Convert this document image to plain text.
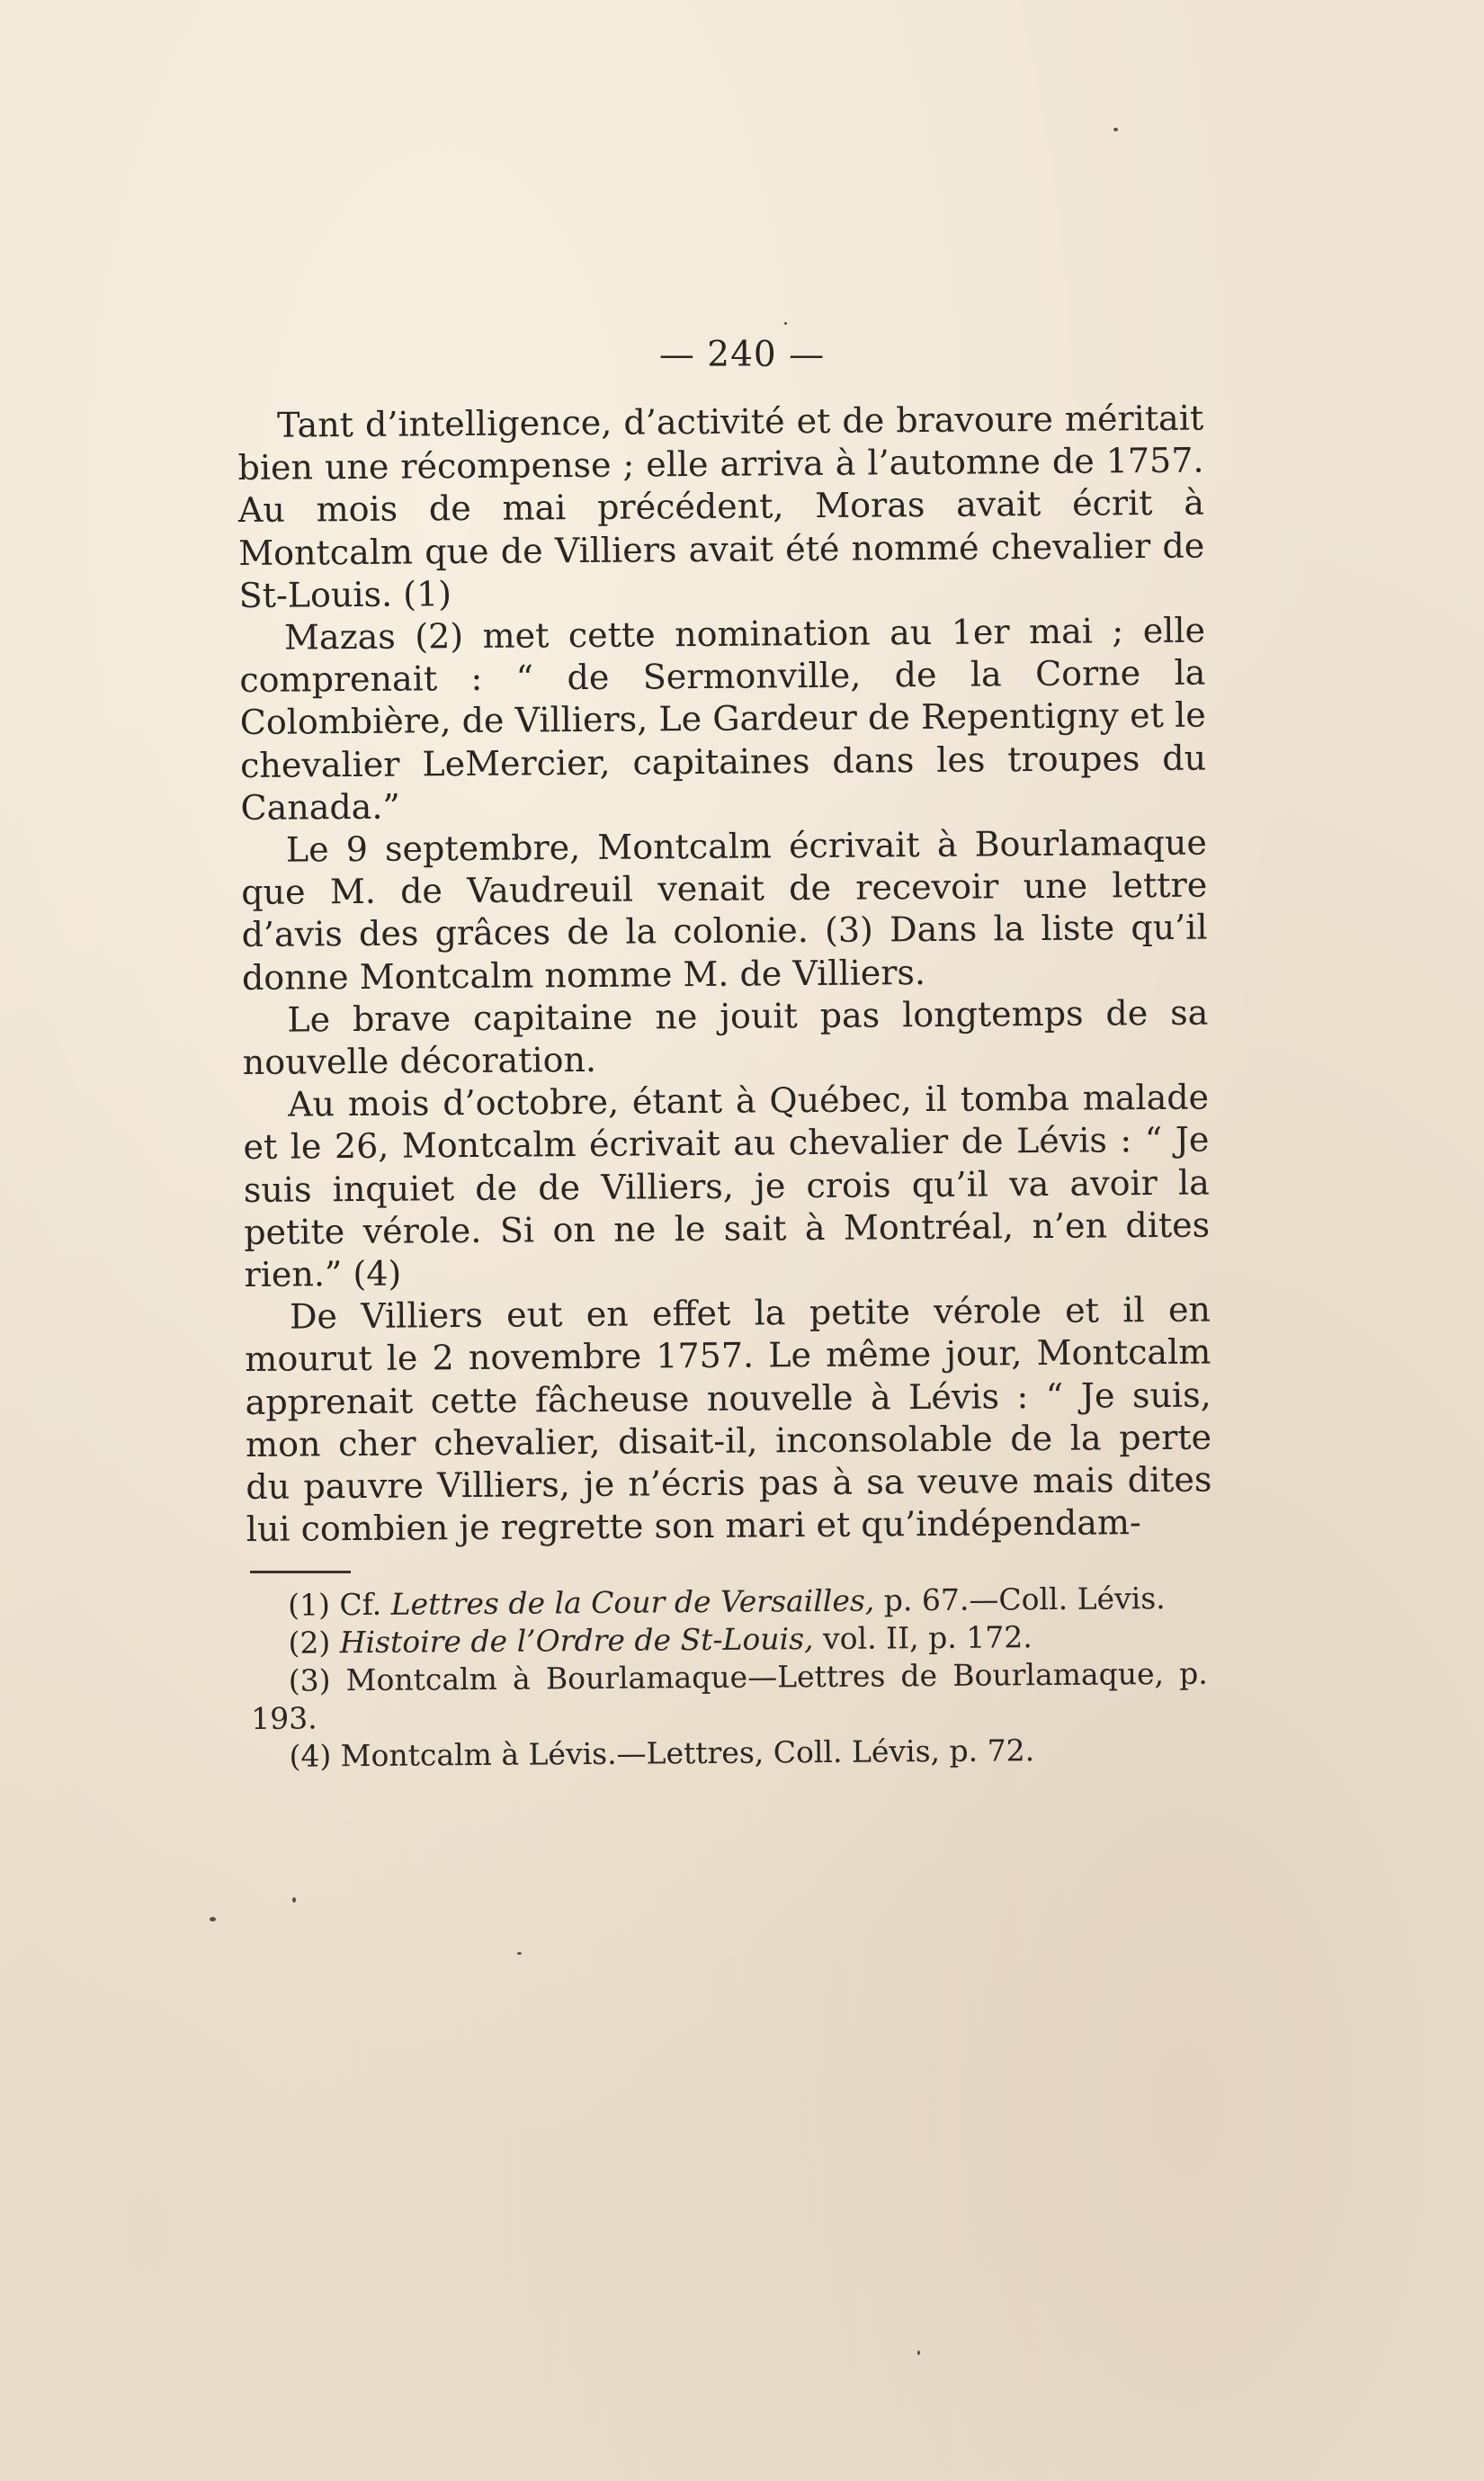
— 240 —

Tant d’intelligence, d’activité et de bravoure méritait bien une récompense ; elle arriva à l’automne de 1757. Au mois de mai précédent, Moras avait écrit à Montcalm que de Villiers avait été nommé chevalier de St-Louis. (1)

Mazas (2) met cette nomination au 1er mai ; elle comprenait : “ de Sermonville, de la Corne la Colombière, de Villiers, Le Gardeur de Repentigny et le chevalier LeMercier, capitaines dans les troupes du Canada.”

Le 9 septembre, Montcalm écrivait à Bourlamaque que M. de Vaudreuil venait de recevoir une lettre d’avis des grâces de la colonie. (3) Dans la liste qu’il donne Montcalm nomme M. de Villiers.

Le brave capitaine ne jouit pas longtemps de sa nouvelle décoration.

Au mois d’octobre, étant à Québec, il tomba malade et le 26, Montcalm écrivait au chevalier de Lévis : “ Je suis inquiet de de Villiers, je crois qu’il va avoir la petite vérole. Si on ne le sait à Montréal, n’en dites rien.” (4)

De Villiers eut en effet la petite vérole et il en mourut le 2 novembre 1757. Le même jour, Montcalm apprenait cette fâcheuse nouvelle à Lévis : “ Je suis, mon cher chevalier, disait-il, inconsolable de la perte du pauvre Villiers, je n’écris pas à sa veuve mais dites lui combien je regrette son mari et qu’indépendam-

(1) Cf. Lettres de la Cour de Versailles, p. 67.—Coll. Lévis.

(2) Histoire de l’Ordre de St-Louis, vol. II, p. 172.

(3) Montcalm à Bourlamaque—Lettres de Bourlamaque, p. 193.

(4) Montcalm à Lévis.—Lettres, Coll. Lévis, p. 72.
